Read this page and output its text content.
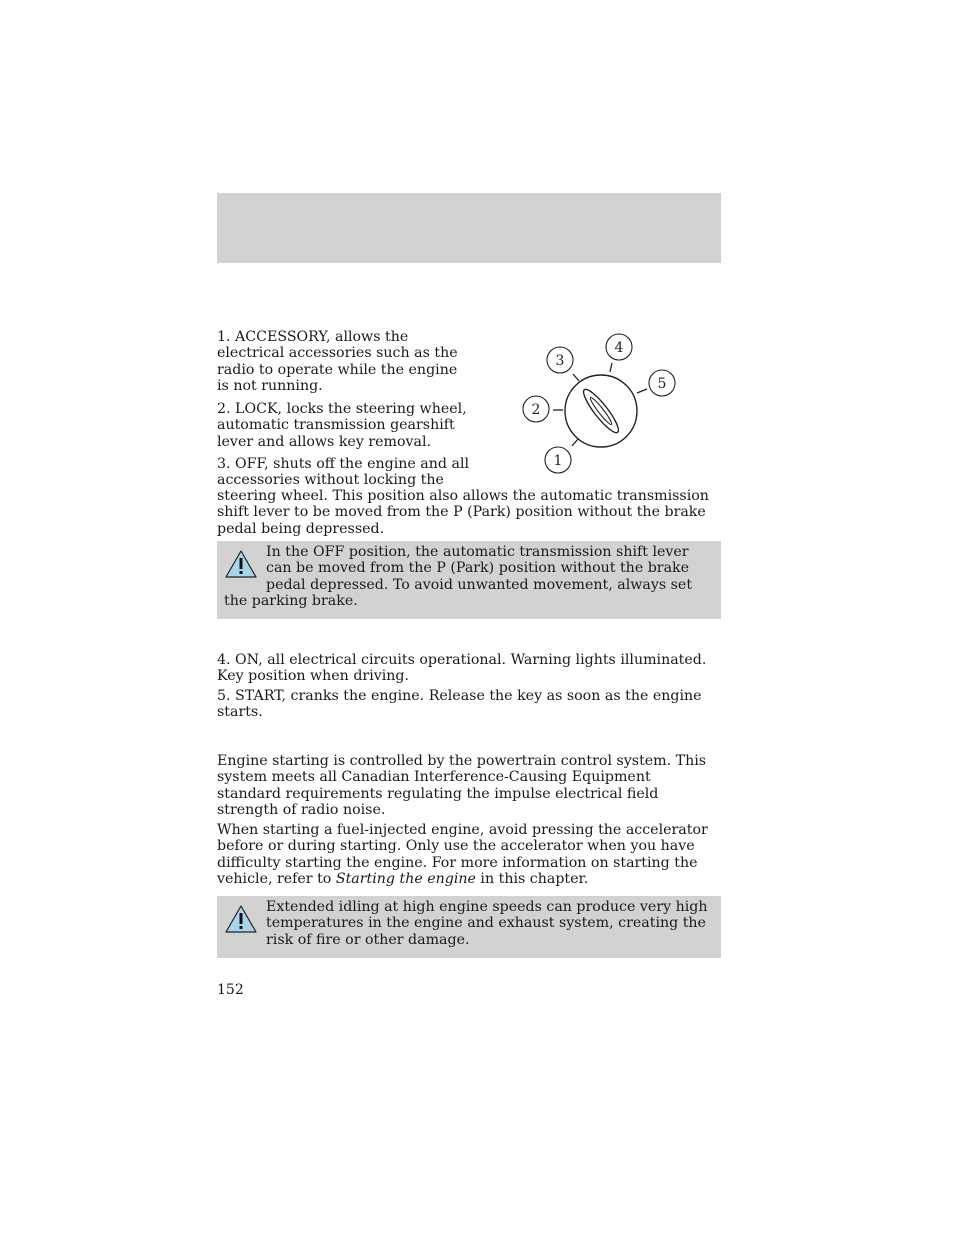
1. ACCESSORY, allows the electrical accessories such as the radio to operate while the engine is not running.

2. LOCK, locks the steering wheel, automatic transmission gearshift lever and allows key removal.

3. OFF, shuts off the engine and all accessories without locking the

steering wheel. This position also allows the automatic transmission shift lever to be moved from the P (Park) position without the brake pedal being depressed.

1
2
3
4
5
In the OFF position, the automatic transmission shift lever can be moved from the P (Park) position without the brake pedal depressed. To avoid unwanted movement, always set the parking brake.

4. ON, all electrical circuits operational. Warning lights illuminated. Key position when driving.

5. START, cranks the engine. Release the key as soon as the engine starts.

Engine starting is controlled by the powertrain control system. This system meets all Canadian Interference-Causing Equipment standard requirements regulating the impulse electrical field strength of radio noise.

When starting a fuel-injected engine, avoid pressing the accelerator before or during starting. Only use the accelerator when you have difficulty starting the engine. For more information on starting the vehicle, refer to Starting the engine in this chapter.

Extended idling at high engine speeds can produce very high temperatures in the engine and exhaust system, creating the risk of fire or other damage.
152
